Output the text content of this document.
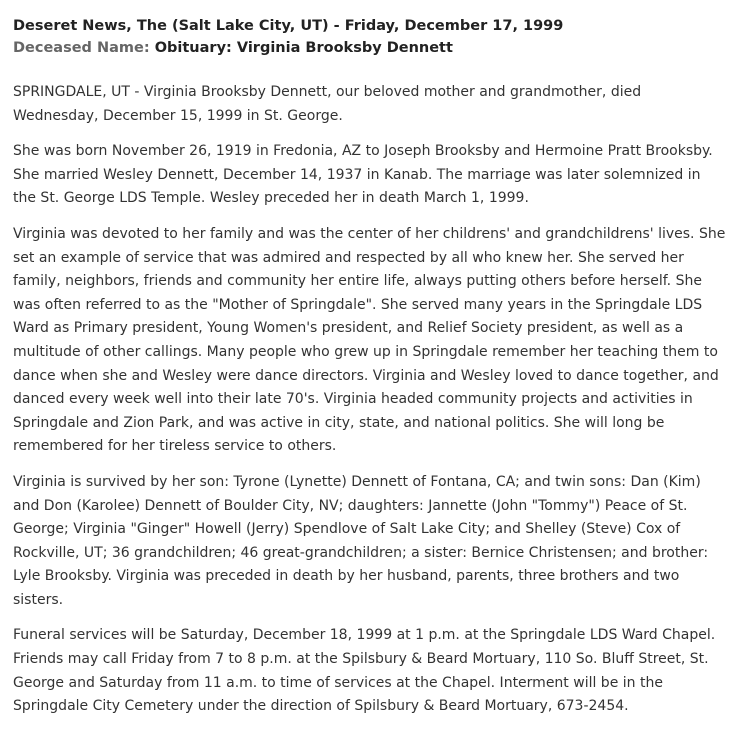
Deseret News, The (Salt Lake City, UT) - Friday, December 17, 1999

Deceased Name: Obituary: Virginia Brooksby Dennett

SPRINGDALE, UT - Virginia Brooksby Dennett, our beloved mother and grandmother, died Wednesday, December 15, 1999 in St. George.

She was born November 26, 1919 in Fredonia, AZ to Joseph Brooksby and Hermoine Pratt Brooksby. She married Wesley Dennett, December 14, 1937 in Kanab. The marriage was later solemnized in the St. George LDS Temple. Wesley preceded her in death March 1, 1999.

Virginia was devoted to her family and was the center of her childrens' and grandchildrens' lives. She set an example of service that was admired and respected by all who knew her. She served her family, neighbors, friends and community her entire life, always putting others before herself. She was often referred to as the "Mother of Springdale". She served many years in the Springdale LDS Ward as Primary president, Young Women's president, and Relief Society president, as well as a multitude of other callings. Many people who grew up in Springdale remember her teaching them to dance when she and Wesley were dance directors. Virginia and Wesley loved to dance together, and danced every week well into their late 70's. Virginia headed community projects and activities in Springdale and Zion Park, and was active in city, state, and national politics. She will long be remembered for her tireless service to others.

Virginia is survived by her son: Tyrone (Lynette) Dennett of Fontana, CA; and twin sons: Dan (Kim) and Don (Karolee) Dennett of Boulder City, NV; daughters: Jannette (John "Tommy") Peace of St. George; Virginia "Ginger" Howell (Jerry) Spendlove of Salt Lake City; and Shelley (Steve) Cox of Rockville, UT; 36 grandchildren; 46 great-grandchildren; a sister: Bernice Christensen; and brother: Lyle Brooksby. Virginia was preceded in death by her husband, parents, three brothers and two sisters.

Funeral services will be Saturday, December 18, 1999 at 1 p.m. at the Springdale LDS Ward Chapel. Friends may call Friday from 7 to 8 p.m. at the Spilsbury & Beard Mortuary, 110 So. Bluff Street, St. George and Saturday from 11 a.m. to time of services at the Chapel. Interment will be in the Springdale City Cemetery under the direction of Spilsbury & Beard Mortuary, 673-2454.
